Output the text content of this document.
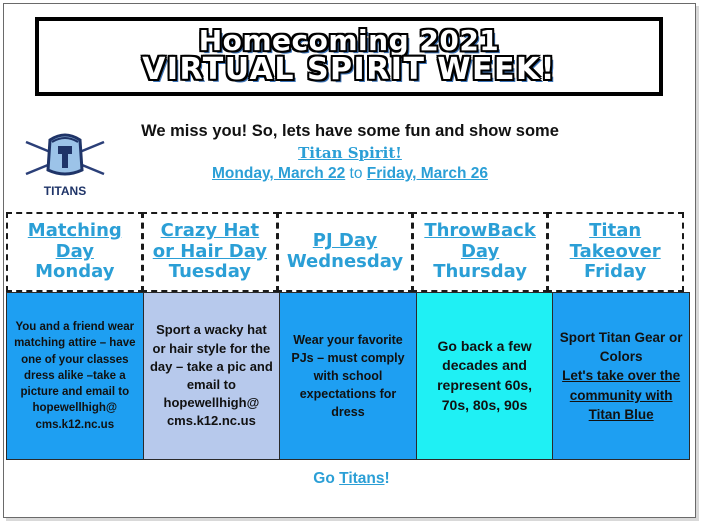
Homecoming 2021
VIRTUAL SPIRIT WEEK!
TITANS
We miss you! So, lets have some fun and show some
Titan Spirit!
Monday, March 22 to Friday, March 26
Matching
Day
Monday
Crazy Hat
or Hair Day
Tuesday
PJ Day
Wednesday
ThrowBack
Day
Thursday
Titan
Takeover
Friday
You and a friend wear matching attire – have one of your classes dress alike –take a picture and email to hopewellhigh@ cms.k12.nc.us
Sport a wacky hat or hair style for the day – take a pic and email to hopewellhigh@ cms.k12.nc.us
Wear your favorite PJs – must comply with school expectations for dress
Go back a few decades and represent 60s, 70s, 80s, 90s
Sport Titan Gear or Colors
Let's take over the community with Titan Blue
Go Titans!
